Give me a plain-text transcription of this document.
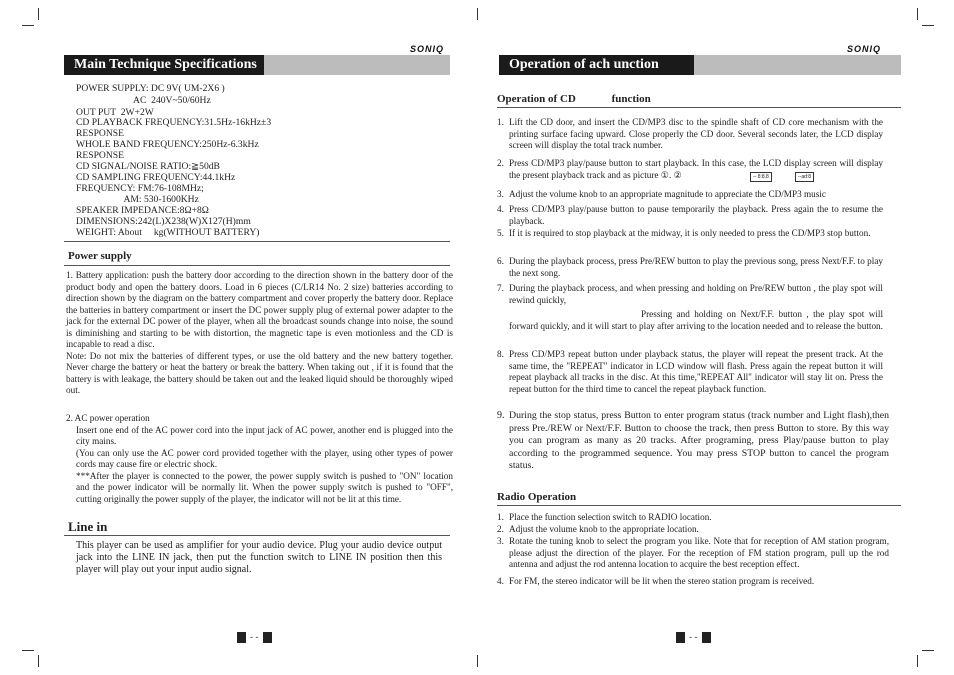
SONIQ
Main Technique Specifications
POWER SUPPLY: DC 9V( UM-2X6 )
AC  240V~50/60Hz
OUT PUT  2W+2W
CD PLAYBACK FREQUENCY:31.5Hz-16kHz±3
RESPONSE
WHOLE BAND FREQUENCY:250Hz-6.3kHz
RESPONSE
CD SIGNAL/NOISE RATIO:≧50dB
CD SAMPLING FREQUENCY:44.1kHz
FREQUENCY: FM:76-108MHz;
AM: 530-1600KHz
SPEAKER IMPEDANCE:8Ω+8Ω
DIMENSIONS:242(L)X238(W)X127(H)mm
WEIGHT: About     kg(WITHOUT BATTERY)
Power supply

1. Battery application: push the battery door according to the direction shown in the battery door of the product body and open the battery doors. Load in 6 pieces (C/LR14 No. 2 size) batteries according to direction shown by the diagram on the battery compartment and cover properly the battery door. Replace the batteries in battery compartment or insert the DC power supply plug of external power adapter to the jack for the external DC power of the player, when all the broadcast sounds change into noise, the sound is diminishing and starting to be with distortion, the magnetic tape is even motionless and the CD is incapable to read a disc.

Note: Do not mix the batteries of different types, or use the old battery and the new battery together. Never charge the battery or heat the battery or break the battery. When taking out , if it is found that the battery is with leakage, the battery should be taken out and the leaked liquid should be thoroughly wiped out.

2. AC power operation

Insert one end of the AC power cord into the input jack of AC power, another end is plugged into the city mains.

(You can only use the AC power cord provided together with the player, using other types of power cords may cause fire or electric shock.

***After the player is connected to the power, the power supply switch is pushed to "ON" location and the power indicator will be normally lit. When the power supply switch is pushed to "OFF", cutting originally the power supply of the player, the indicator will not be lit at this time.

Line in
This player can be used as amplifier for your audio device. Plug your audio device output jack into the LINE IN jack, then put the function switch to LINE IN position then this player will play out your input audio signal.
- -
SONIQ
Operation of ach unction
Operation of CD             function
1. Lift the CD door, and insert the CD/MP3 disc to the spindle shaft of CD core mechanism with the printing surface facing upward. Close properly the CD door. Several seconds later, the LCD display screen will display the total track number.
2. Press CD/MP3 play/pause button to start playback. In this case, the LCD display screen will display the present playback track and as picture ①. ②	-- 8:8.8	--ad:8
3. Adjust the volume knob to an appropriate magnitude to appreciate the CD/MP3 music
4. Press CD/MP3 play/pause button to pause temporarily the playback. Press again the to resume the playback.
5. If it is required to stop playback at the midway, it is only needed to press the CD/MP3 stop button.
6. During the playback process, press Pre/REW button to play the previous song, press Next/F.F. to play the next song.
7. During the playback process, and when pressing and holding on Pre/REW button , the play spot will rewind quickly,
Pressing and holding on Next/F.F. button , the play spot will forward quickly, and it will start to play after arriving to the location needed and to release the button.
8. Press CD/MP3 repeat button under playback status, the player will repeat the present track. At the same time, the "REPEAT" indicator in LCD window will flash. Press again the repeat button it will repeat playback all tracks in the disc. At this time,"REPEAT All" indicator will stay lit on. Press the repeat button for the third time to cancel the repeat playback function.
9. During the stop status, press Button to enter program status (track number and Light flash),then press Pre./REW or Next/F.F. Button to choose the track, then press Button to store. By this way you can program as many as 20 tracks. After programing, press Play/pause button to play according to the programmed sequence. You may press STOP button to cancel the program status.
Radio Operation
1. Place the function selection switch to RADIO location.
2. Adjust the volume knob to the appropriate location.
3. Rotate the tuning knob to select the program you like. Note that for reception of AM station program, please adjust the direction of the player. For the reception of FM station program, pull up the rod antenna and adjust the rod antenna location to acquire the best reception effect.
4. For FM, the stereo indicator will be lit when the stereo station program is received.
- -
